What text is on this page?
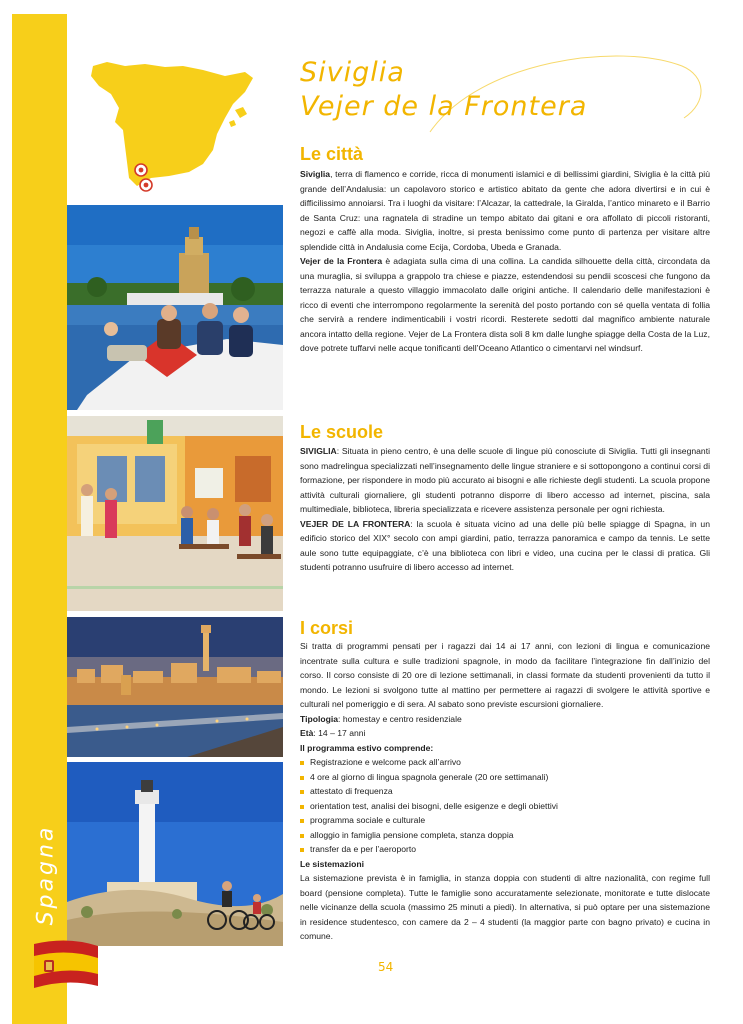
Spagna
Siviglia
Vejer de la Frontera
Le città

Siviglia, terra di flamenco e corride, ricca di monumenti islamici e di bellissimi giardini, Siviglia è la città più grande dell’Andalusia: un capolavoro storico e artistico abitato da gente che adora divertirsi e in cui è difficilissimo annoiarsi. Tra i luoghi da visitare: l’Alcazar, la cattedrale, la Giralda, l’antico minareto e il Barrio de Santa Cruz: una ragnatela di stradine un tempo abitato dai gitani e ora affollato di piccoli ristoranti, negozi e caffè alla moda. Siviglia, inoltre, si presta benissimo come punto di partenza per visitare altre splendide città in Andalusia come Ecija, Cordoba, Ubeda e Granada.

Vejer de la Frontera è adagiata sulla cima di una collina. La candida silhouette della città, circondata da una muraglia, si sviluppa a grappolo tra chiese e piazze, estendendosi su pendii scoscesi che fungono da terrazza naturale a questo villaggio immacolato dalle origini antiche. Il calendario delle manifestazioni è ricco di eventi che interrompono regolarmente la serenità del posto portando con sé quella ventata di follia che servirà a rendere indimenticabili i vostri ricordi. Resterete sedotti dal magnifico ambiente naturale ancora intatto della regione. Vejer de La Frontera dista soli 8 km dalle lunghe spiagge della Costa de la Luz, dove potrete tuffarvi nelle acque tonificanti dell’Oceano Atlantico o cimentarvi nel windsurf.

Le scuole

SIVIGLIA: Situata in pieno centro, è una delle scuole di lingue più conosciute di Siviglia. Tutti gli insegnanti sono madrelingua specializzati nell’insegnamento delle lingue straniere e si sottopongono a continui corsi di formazione, per rispondere in modo più accurato ai bisogni e alle richieste degli studenti. La scuola propone attività culturali giornaliere, gli studenti potranno disporre di libero accesso ad internet, piscina, sala multimediale, biblioteca, libreria specializzata e ricevere assistenza personale per ogni richiesta.

VEJER DE LA FRONTERA: la scuola è situata vicino ad una delle più belle spiagge di Spagna, in un edificio storico del XIX° secolo con ampi giardini, patio, terrazza panoramica e campo da tennis. Le sette aule sono tutte equipaggiate, c’è una biblioteca con libri e video, una cucina per le classi di pratica. Gli studenti potranno usufruire di libero accesso ad internet.

I corsi

Si tratta di programmi pensati per i ragazzi dai 14 ai 17 anni, con lezioni di lingua e comunicazione incentrate sulla cultura e sulle tradizioni spagnole, in modo da facilitare l’integrazione fin dall’inizio del corso. Il corso consiste di 20 ore di lezione settimanali, in classi formate da studenti provenienti da tutto il mondo. Le lezioni si svolgono tutte al mattino per permettere ai ragazzi di svolgere le attività sportive e culturali nel pomeriggio e di sera. Al sabato sono previste escursioni giornaliere.

Tipologia: homestay e centro residenziale

Età: 14 – 17 anni

Il programma estivo comprende:

Registrazione e welcome pack all’arrivo
4 ore al giorno di lingua spagnola generale (20 ore settimanali)
attestato di frequenza
orientation test, analisi dei bisogni, delle esigenze e degli obiettivi
programma sociale e culturale
alloggio in famiglia pensione completa, stanza doppia
transfer da e per l’aeroporto

Le sistemazioni

La sistemazione prevista è in famiglia, in stanza doppia con studenti di altre nazionalità, con regime full board (pensione completa). Tutte le famiglie sono accuratamente selezionate, monitorate e tutte dislocate nelle vicinanze della scuola (massimo 25 minuti a piedi). In alternativa, si può optare per una sistemazione in residence studentesco, con camere da 2 – 4 studenti (la maggior parte con bagno privato) e cucina in comune.

54
